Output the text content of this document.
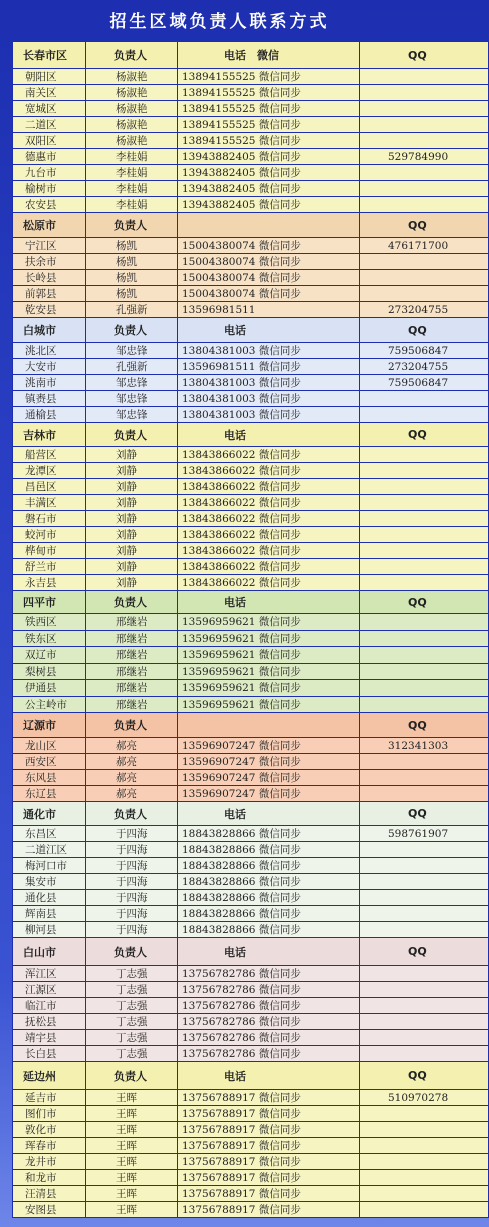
招生区域负责人联系方式
长春市区	负责人	电话　微信	QQ
朝阳区	杨淑艳	13894155525 微信同步	
南关区	杨淑艳	13894155525 微信同步	
宽城区	杨淑艳	13894155525 微信同步	
二道区	杨淑艳	13894155525 微信同步	
双阳区	杨淑艳	13894155525 微信同步	
德惠市	李桂娟	13943882405 微信同步	529784990
九台市	李桂娟	13943882405 微信同步	
榆树市	李桂娟	13943882405 微信同步	
农安县	李桂娟	13943882405 微信同步	
松原市	负责人		QQ
宁江区	杨凯	15004380074 微信同步	476171700
扶余市	杨凯	15004380074 微信同步	
长岭县	杨凯	15004380074 微信同步	
前郭县	杨凯	15004380074 微信同步	
乾安县	孔强新	13596981511	273204755
白城市	负责人	电话	QQ
洮北区	邹忠锋	13804381003 微信同步	759506847
大安市	孔强新	13596981511 微信同步	273204755
洮南市	邹忠锋	13804381003 微信同步	759506847
镇赉县	邹忠锋	13804381003 微信同步	
通榆县	邹忠锋	13804381003 微信同步	
吉林市	负责人	电话	QQ
船营区	刘静	13843866022 微信同步	
龙潭区	刘静	13843866022 微信同步	
昌邑区	刘静	13843866022 微信同步	
丰满区	刘静	13843866022 微信同步	
磐石市	刘静	13843866022 微信同步	
蛟河市	刘静	13843866022 微信同步	
桦甸市	刘静	13843866022 微信同步	
舒兰市	刘静	13843866022 微信同步	
永吉县	刘静	13843866022 微信同步	
四平市	负责人	电话	QQ
铁西区	邢继岩	13596959621 微信同步	
铁东区	邢继岩	13596959621 微信同步	
双辽市	邢继岩	13596959621 微信同步	
梨树县	邢继岩	13596959621 微信同步	
伊通县	邢继岩	13596959621 微信同步	
公主岭市	邢继岩	13596959621 微信同步	
辽源市	负责人		QQ
龙山区	郝亮	13596907247 微信同步	312341303
西安区	郝亮	13596907247 微信同步	
东风县	郝亮	13596907247 微信同步	
东辽县	郝亮	13596907247 微信同步	
通化市	负责人	电话	QQ
东昌区	于四海	18843828866 微信同步	598761907
二道江区	于四海	18843828866 微信同步	
梅河口市	于四海	18843828866 微信同步	
集安市	于四海	18843828866 微信同步	
通化县	于四海	18843828866 微信同步	
辉南县	于四海	18843828866 微信同步	
柳河县	于四海	18843828866 微信同步	
白山市	负责人	电话	QQ
浑江区	丁志强	13756782786 微信同步	
江源区	丁志强	13756782786 微信同步	
临江市	丁志强	13756782786 微信同步	
抚松县	丁志强	13756782786 微信同步	
靖宇县	丁志强	13756782786 微信同步	
长白县	丁志强	13756782786 微信同步	
延边州	负责人	电话	QQ
延吉市	王晖	13756788917 微信同步	510970278
图们市	王晖	13756788917 微信同步	
敦化市	王晖	13756788917 微信同步	
珲春市	王晖	13756788917 微信同步	
龙井市	王晖	13756788917 微信同步	
和龙市	王晖	13756788917 微信同步	
汪清县	王晖	13756788917 微信同步	
安图县	王晖	13756788917 微信同步	
